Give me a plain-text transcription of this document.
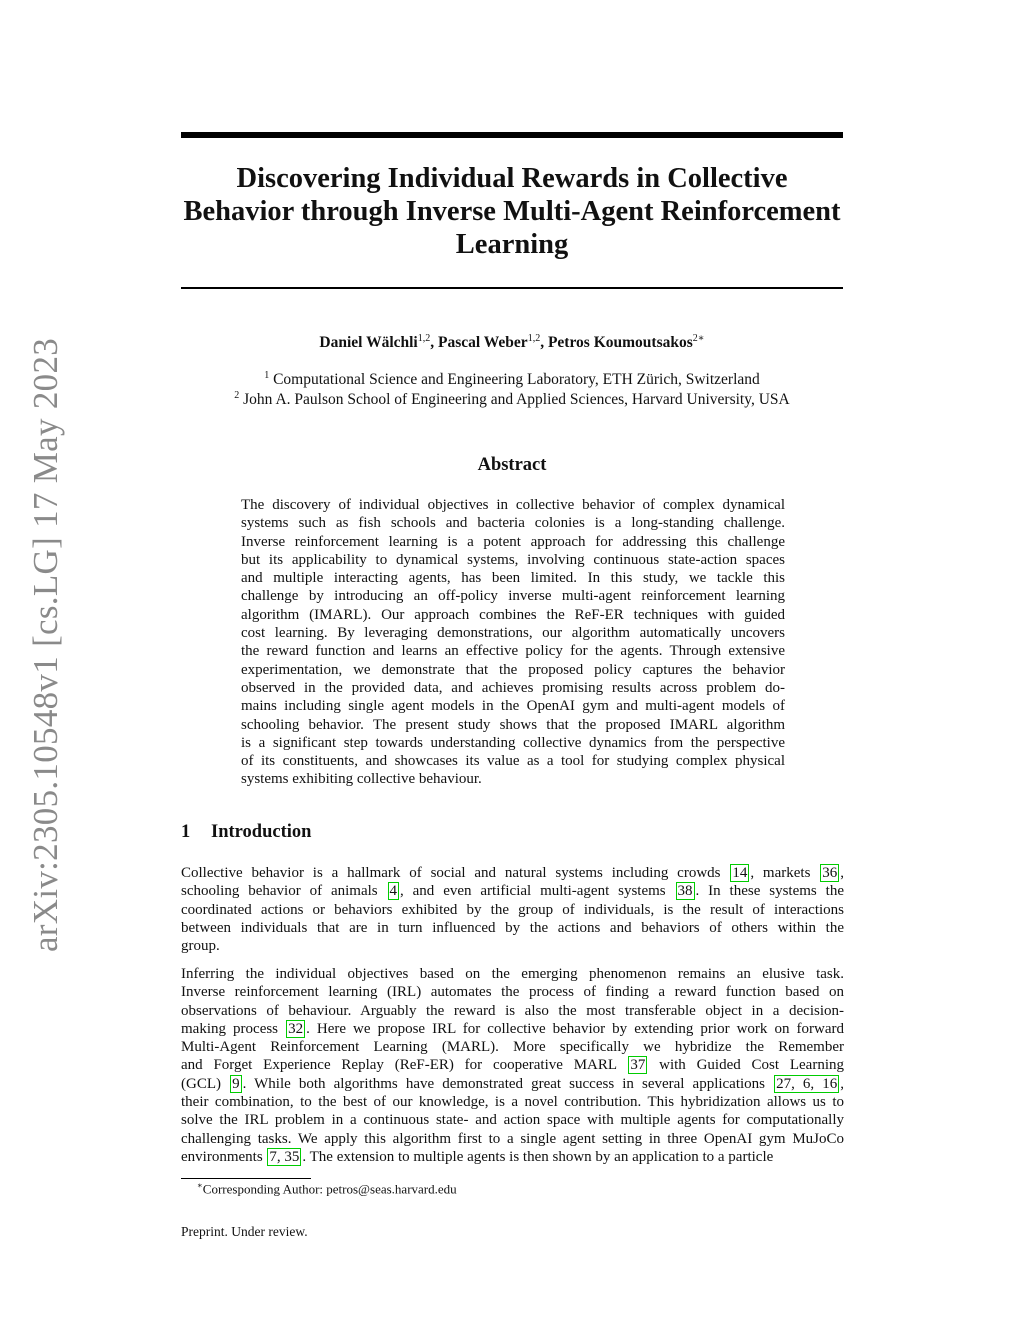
arXiv:2305.10548v1 [cs.LG] 17 May 2023
Discovering Individual Rewards in Collective
Behavior through Inverse Multi-Agent Reinforcement
Learning
Daniel Wälchli$^{1,2}$, Pascal Weber$^{1,2}$, Petros Koumoutsakos$^{2∗}$
$^1$ Computational Science and Engineering Laboratory, ETH Zürich, Switzerland
$^2$ John A. Paulson School of Engineering and Applied Sciences, Harvard University, USA
Abstract
The discovery of individual objectives in collective behavior of complex dynamical
systems such as fish schools and bacteria colonies is a long-standing challenge.
Inverse reinforcement learning is a potent approach for addressing this challenge
but its applicability to dynamical systems, involving continuous state-action spaces
and multiple interacting agents, has been limited. In this study, we tackle this
challenge by introducing an off-policy inverse multi-agent reinforcement learning
algorithm (IMARL). Our approach combines the ReF-ER techniques with guided
cost learning. By leveraging demonstrations, our algorithm automatically uncovers
the reward function and learns an effective policy for the agents. Through extensive
experimentation, we demonstrate that the proposed policy captures the behavior
observed in the provided data, and achieves promising results across problem do-
mains including single agent models in the OpenAI gym and multi-agent models of
schooling behavior. The present study shows that the proposed IMARL algorithm
is a significant step towards understanding collective dynamics from the perspective
of its constituents, and showcases its value as a tool for studying complex physical
systems exhibiting collective behaviour.
1 Introduction
Collective behavior is a hallmark of social and natural systems including crowds 14 , markets 36 ,
schooling behavior of animals 4 , and even artificial multi-agent systems 38 . In these systems the
coordinated actions or behaviors exhibited by the group of individuals, is the result of interactions
between individuals that are in turn influenced by the actions and behaviors of others within the
group.
Inferring the individual objectives based on the emerging phenomenon remains an elusive task.
Inverse reinforcement learning (IRL) automates the process of finding a reward function based on
observations of behaviour. Arguably the reward is also the most transferable object in a decision-
making process 32 . Here we propose IRL for collective behavior by extending prior work on forward
Multi-Agent Reinforcement Learning (MARL). More specifically we hybridize the Remember
and Forget Experience Replay (ReF-ER) for cooperative MARL 37 with Guided Cost Learning
(GCL) 9 . While both algorithms have demonstrated great success in several applications 27, 6, 16 ,
their combination, to the best of our knowledge, is a novel contribution. This hybridization allows us to
solve the IRL problem in a continuous state- and action space with multiple agents for computationally
challenging tasks. We apply this algorithm first to a single agent setting in three OpenAI gym MuJoCo
environments 7, 35 . The extension to multiple agents is then shown by an application to a particle
∗Corresponding Author: petros@seas.harvard.edu
Preprint. Under review.
